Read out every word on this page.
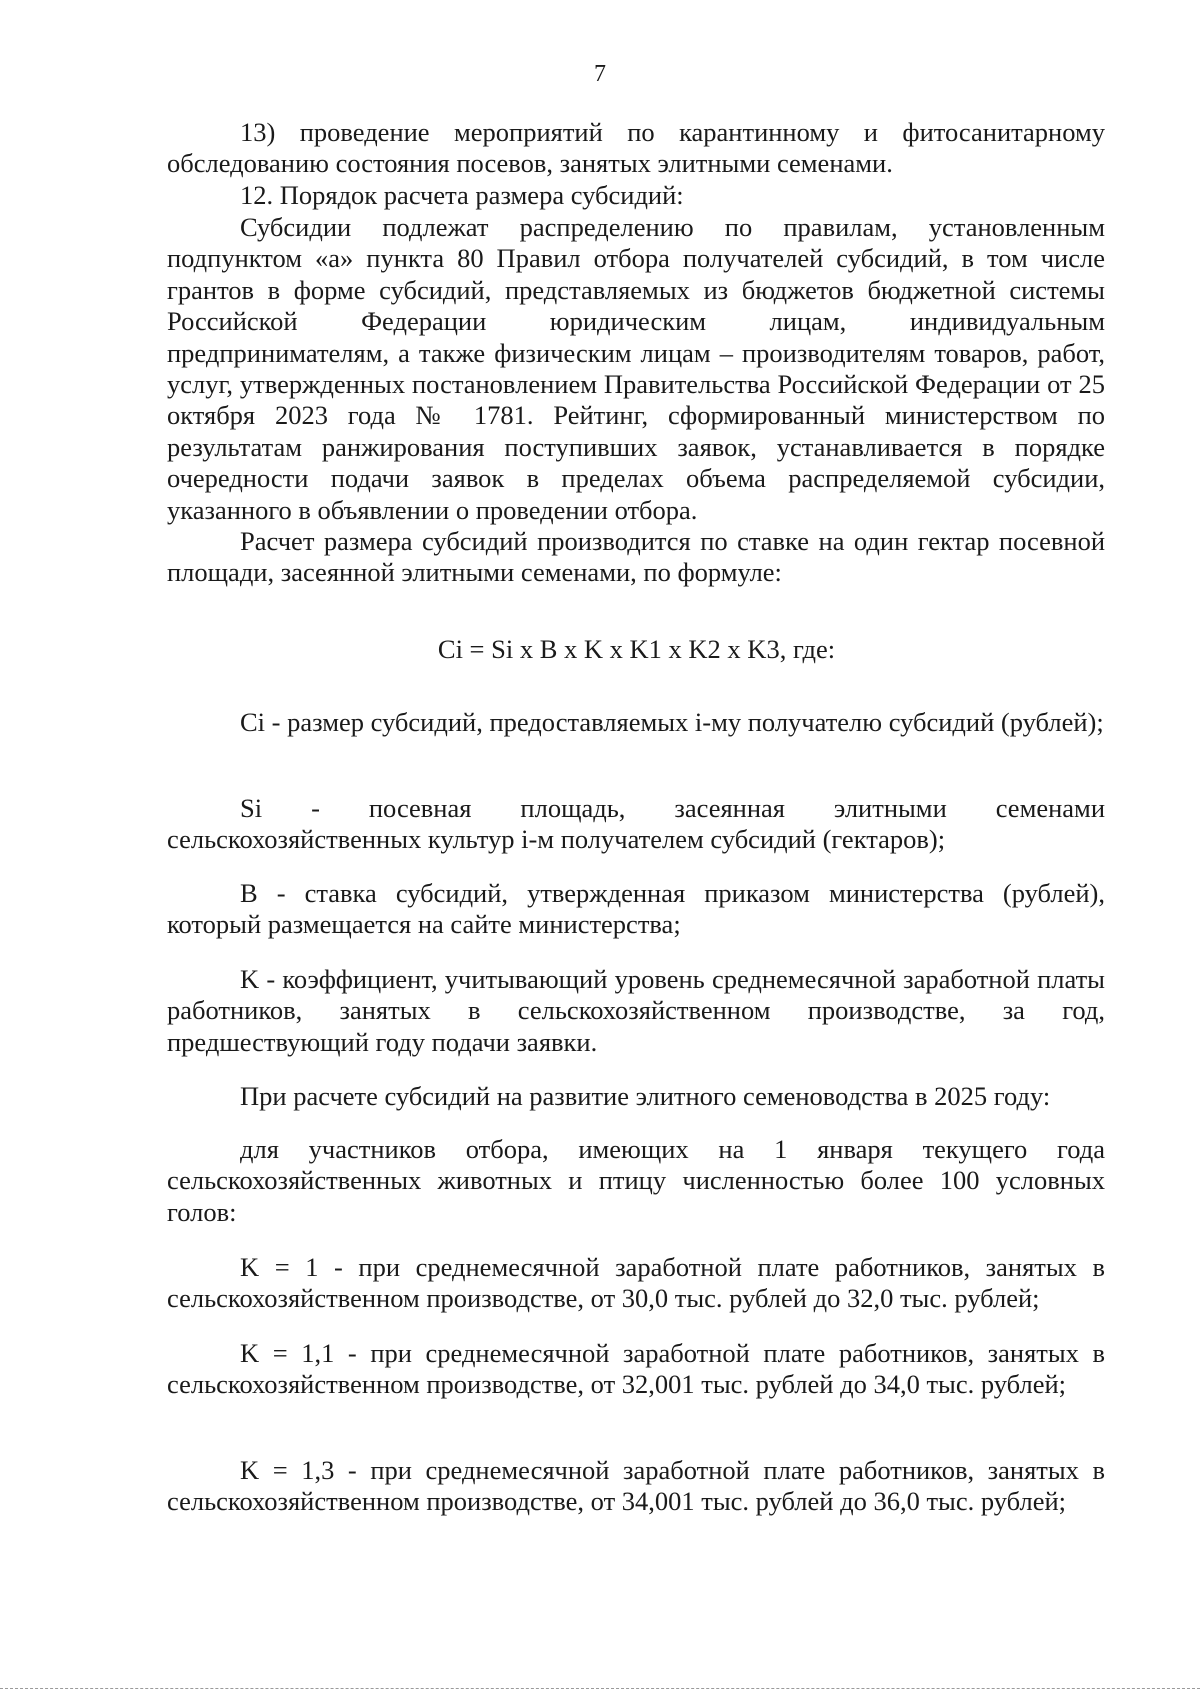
7

13) проведение мероприятий по карантинному и фитосанитарному обследованию состояния посевов, занятых элитными семенами.

12. Порядок расчета размера субсидий:

Субсидии подлежат распределению по правилам, установленным подпунктом «а» пункта 80 Правил отбора получателей субсидий, в том числе грантов в форме субсидий, представляемых из бюджетов бюджетной системы Российской Федерации юридическим лицам, индивидуальным предпринимателям, а также физическим лицам – производителям товаров, работ, услуг, утвержденных постановлением Правительства Российской Федерации от 25 октября 2023 года № 1781. Рейтинг, сформированный министерством по результатам ранжирования поступивших заявок, устанавливается в порядке очередности подачи заявок в пределах объема распределяемой субсидии, указанного в объявлении о проведении отбора.

Расчет размера субсидий производится по ставке на один гектар посевной площади, засеянной элитными семенами, по формуле:

Ci = Si x B x K x K1 x K2 x K3, где:

Ci - размер субсидий, предоставляемых i-му получателю субсидий (рублей);

Si - посевная площадь, засеянная элитными семенами сельскохозяйственных культур i-м получателем субсидий (гектаров);

B - ставка субсидий, утвержденная приказом министерства (рублей), который размещается на сайте министерства;

K - коэффициент, учитывающий уровень среднемесячной заработной платы работников, занятых в сельскохозяйственном производстве, за год, предшествующий году подачи заявки.

При расчете субсидий на развитие элитного семеноводства в 2025 году:

для участников отбора, имеющих на 1 января текущего года сельскохозяйственных животных и птицу численностью более 100 условных голов:

K = 1 - при среднемесячной заработной плате работников, занятых в сельскохозяйственном производстве, от 30,0 тыс. рублей до 32,0 тыс. рублей;

K = 1,1 - при среднемесячной заработной плате работников, занятых в сельскохозяйственном производстве, от 32,001 тыс. рублей до 34,0 тыс. рублей;

K = 1,3 - при среднемесячной заработной плате работников, занятых в сельскохозяйственном производстве, от 34,001 тыс. рублей до 36,0 тыс. рублей;
